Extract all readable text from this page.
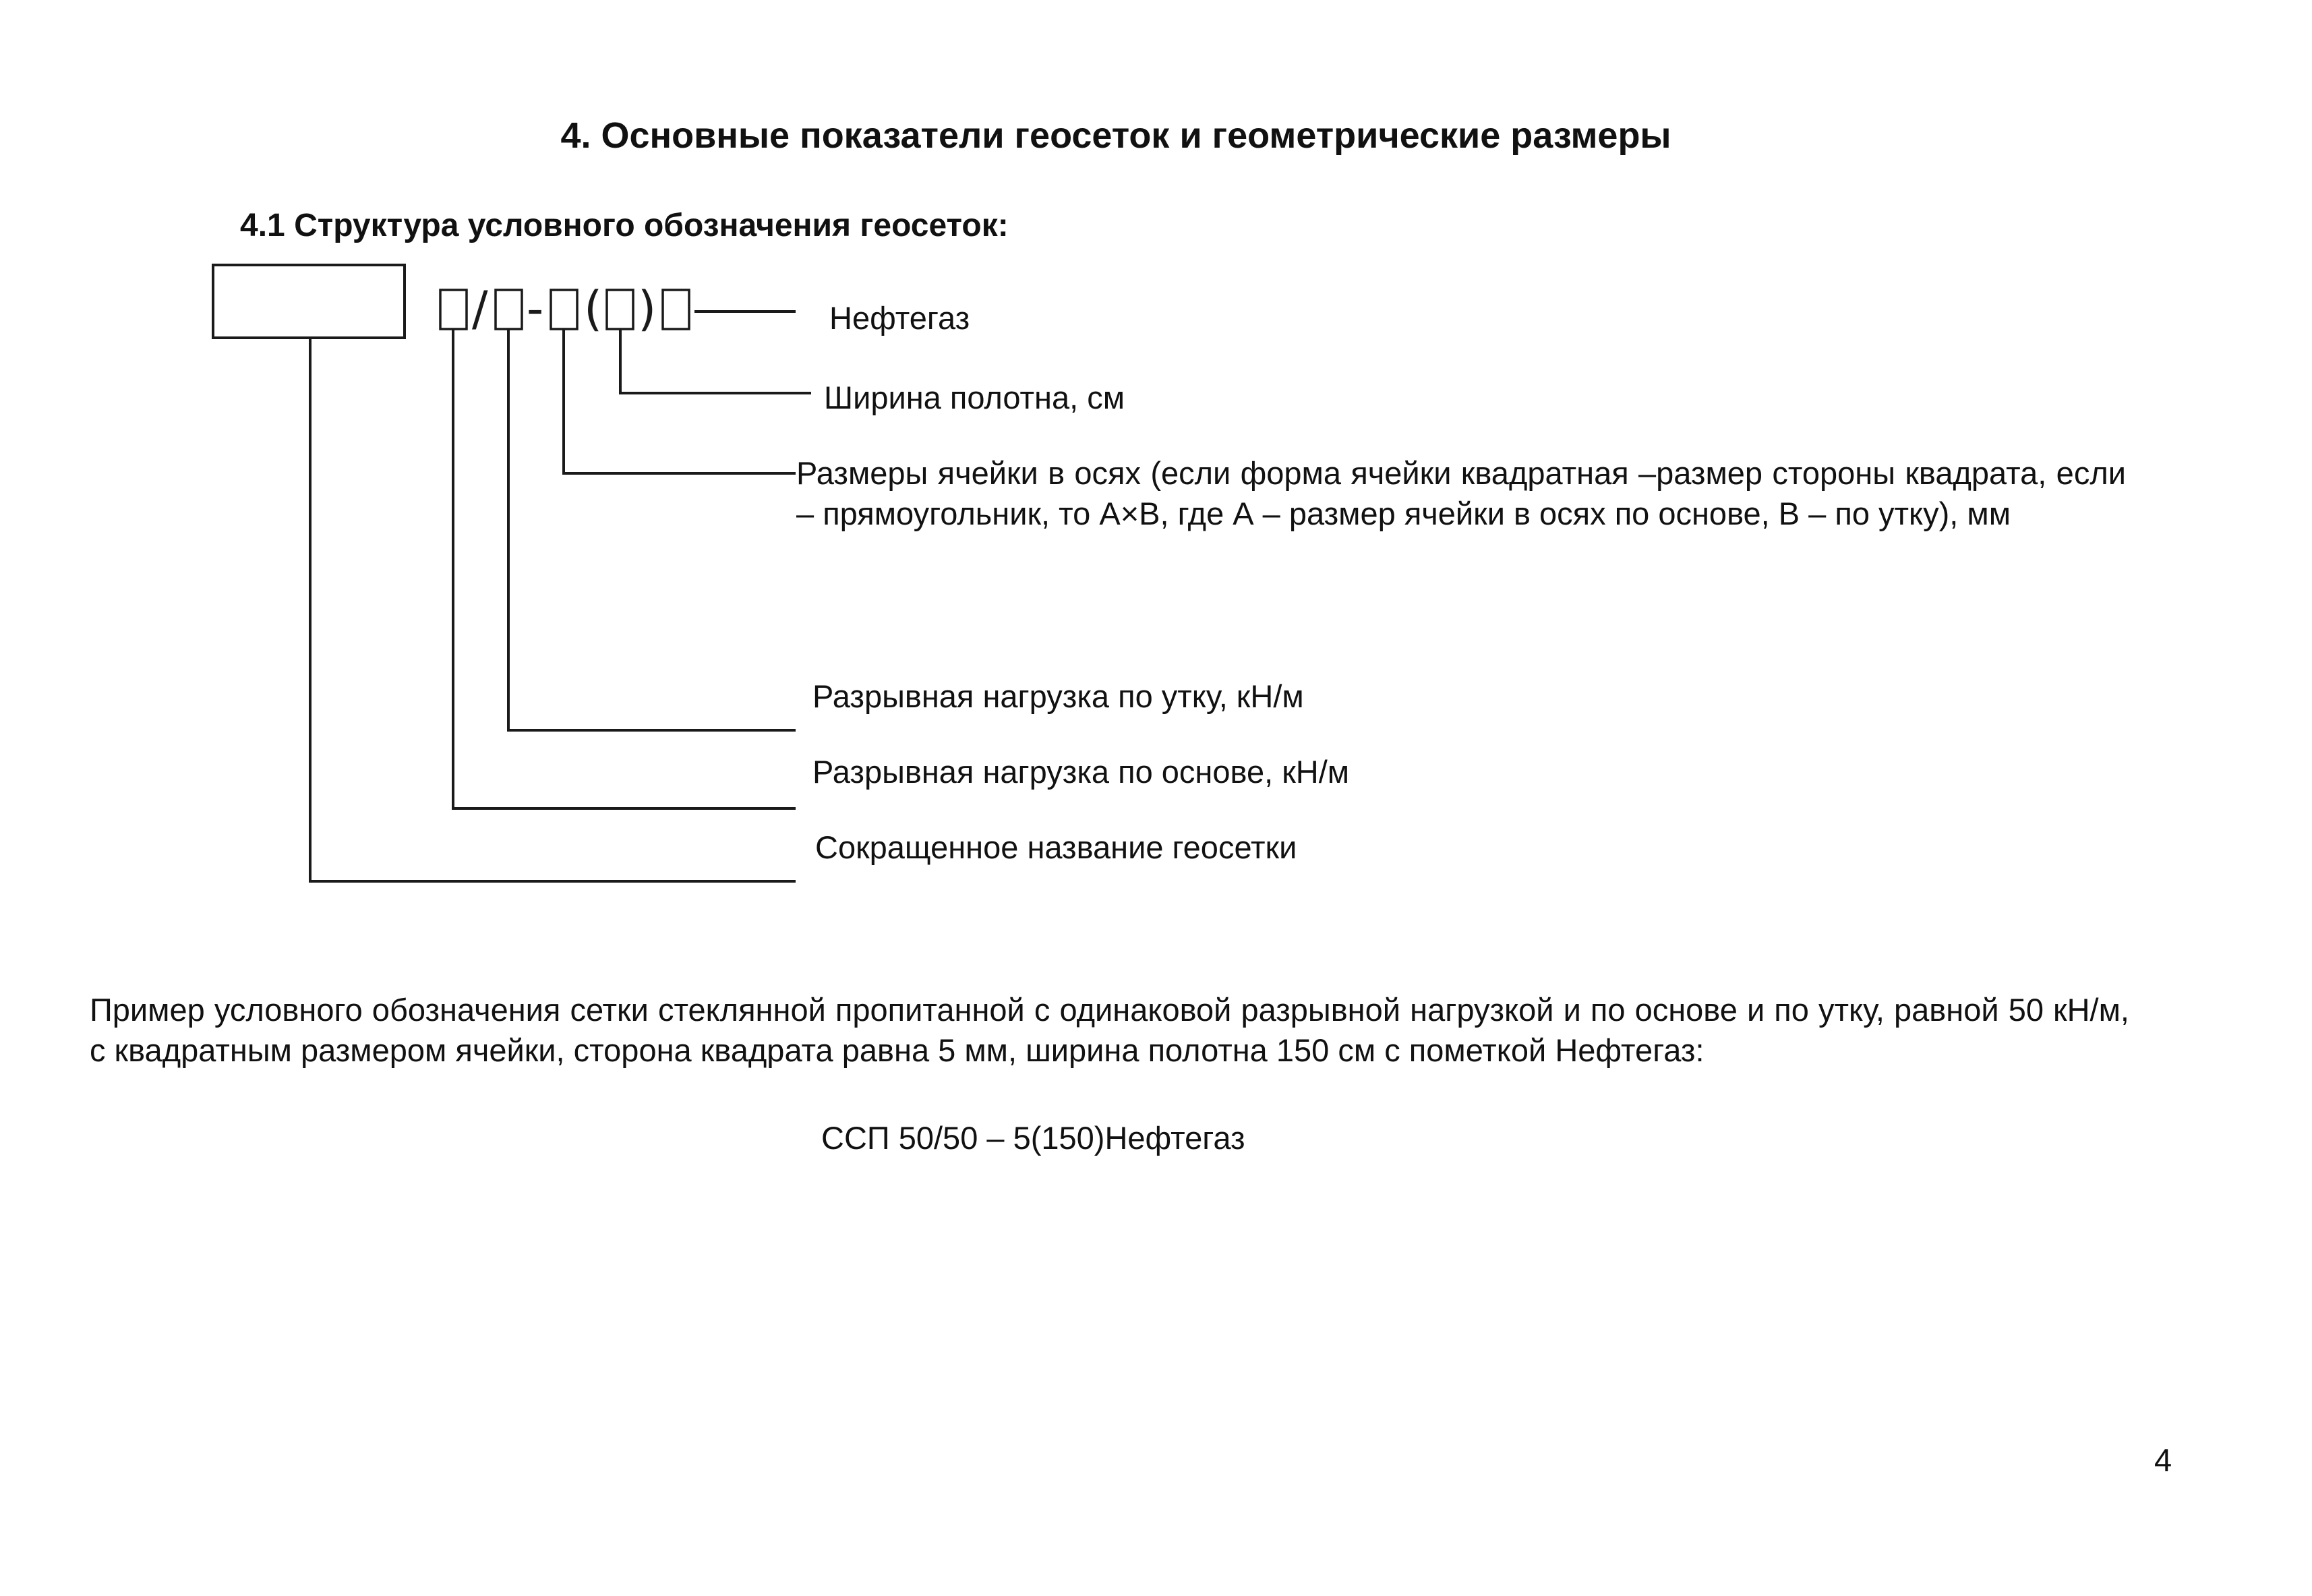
4. Основные показатели геосеток и геометрические размеры
4.1 Структура условного обозначения геосеток:
/ - ( )	Нефтегаз
Ширина полотна, см
Размеры ячейки в осях (если форма ячейки квадратная –размер стороны квадрата, если – прямоугольник, то А×В, где А – размер ячейки в осях по основе, В – по утку), мм
Разрывная нагрузка по утку, кН/м
Разрывная нагрузка по основе, кН/м
Сокращенное название геосетки
Пример условного обозначения сетки стеклянной пропитанной с одинаковой разрывной нагрузкой и по основе и по утку, равной 50 кН/м, с квадратным размером ячейки, сторона квадрата равна 5 мм, ширина полотна 150 см с пометкой Нефтегаз:
ССП 50/50 – 5(150)Нефтегаз
4
